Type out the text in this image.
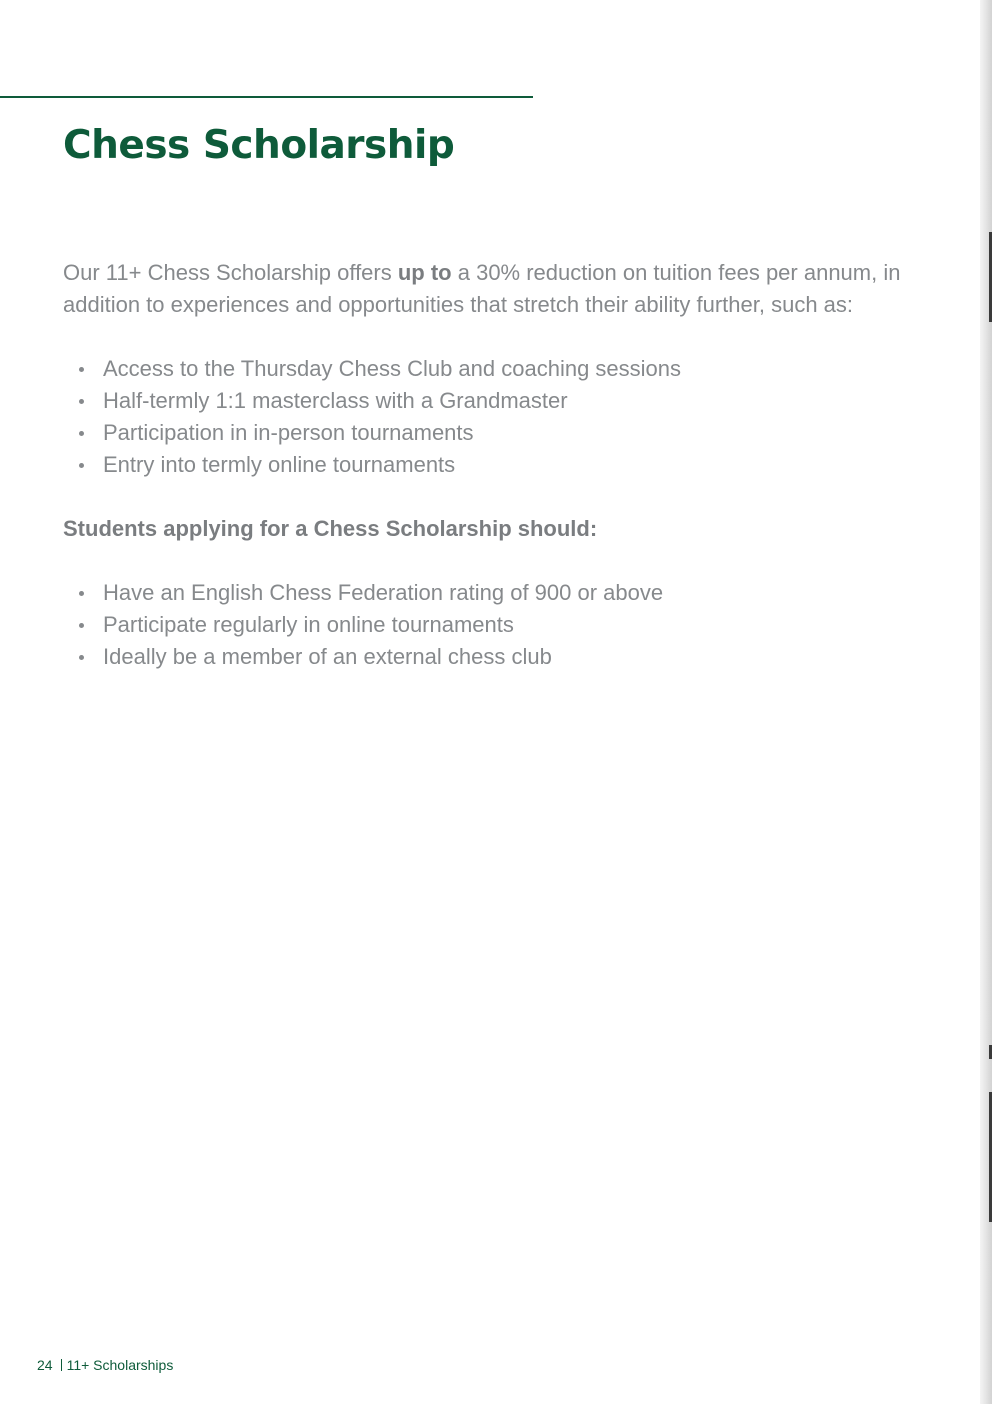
Chess Scholarship

Our 11+ Chess Scholarship offers up to a 30% reduction on tuition fees per annum, in addition to experiences and opportunities that stretch their ability further, such as:

Access to the Thursday Chess Club and coaching sessions
Half-termly 1:1 masterclass with a Grandmaster
Participation in in-person tournaments
Entry into termly online tournaments

Students applying for a Chess Scholarship should:

Have an English Chess Federation rating of 900 or above
Participate regularly in online tournaments
Ideally be a member of an external chess club
24 11+ Scholarships
